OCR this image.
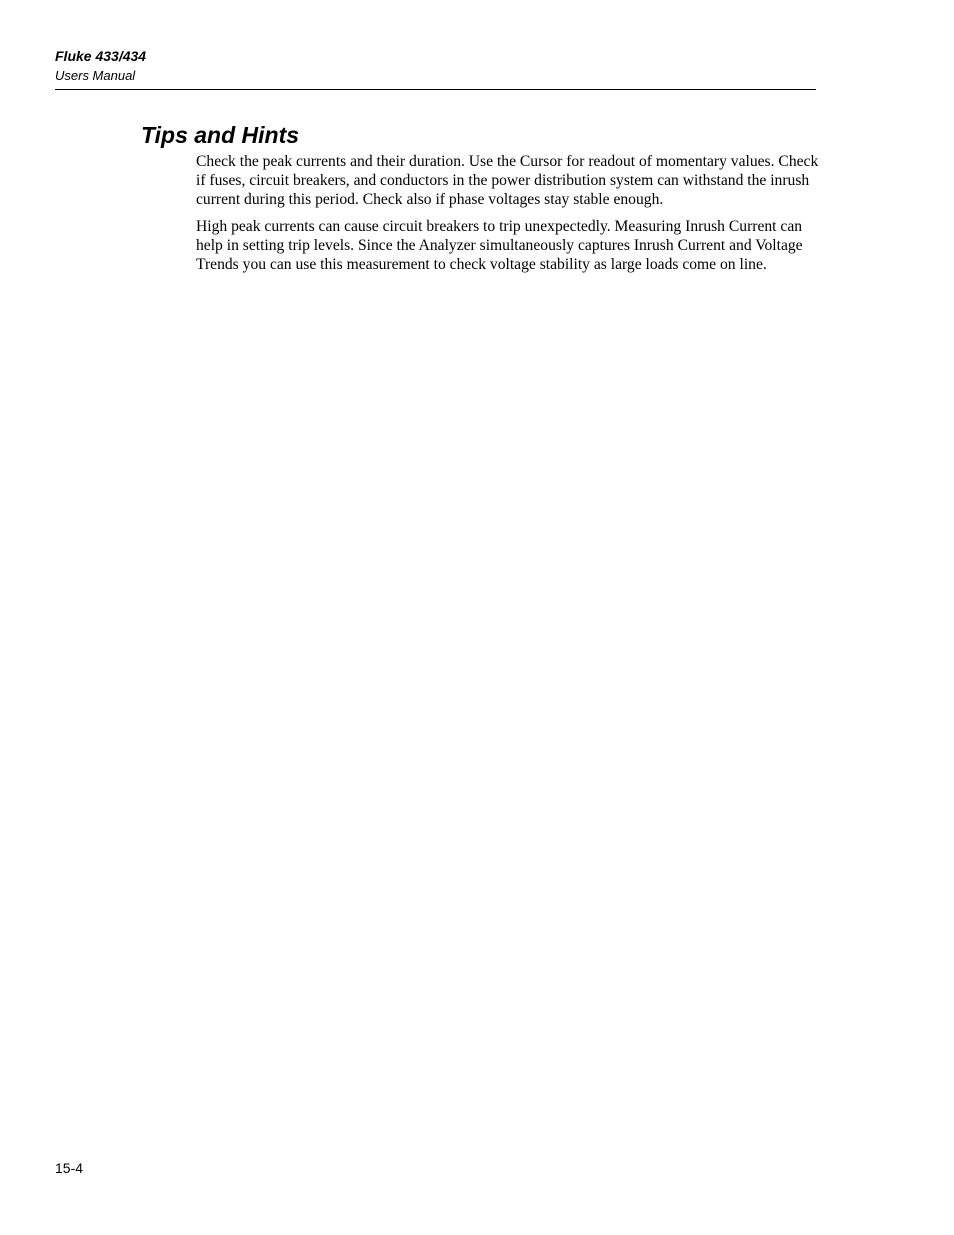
Fluke 433/434
Users Manual
Tips and Hints

Check the peak currents and their duration. Use the Cursor for readout of momentary values. Check if fuses, circuit breakers, and conductors in the power distribution system can withstand the inrush current during this period. Check also if phase voltages stay stable enough.

High peak currents can cause circuit breakers to trip unexpectedly. Measuring Inrush Current can help in setting trip levels. Since the Analyzer simultaneously captures Inrush Current and Voltage Trends you can use this measurement to check voltage stability as large loads come on line.

15-4
